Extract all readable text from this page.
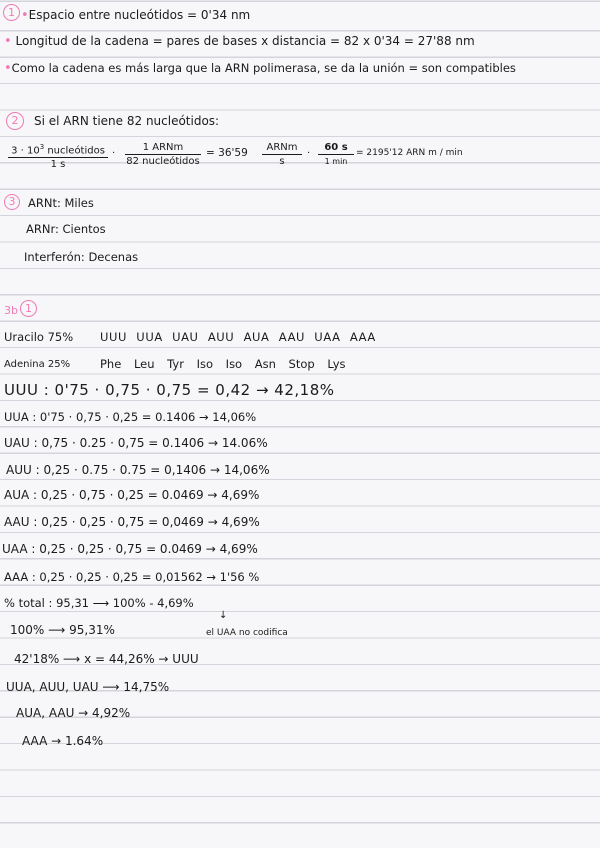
1 •Espacio entre nucleótidos = 0'34 nm
• Longitud de la cadena = pares de bases x distancia = 82 x 0'34 = 27'88 nm
•Como la cadena es más larga que la ARN polimerasa, se da la unión = son compatibles
2	Si el ARN tiene 82 nucleótidos:
$3 \cdot 10^3$ nucleótidos
1 s
·
1 ARNm
82 nucleótidos
= 36'59	ARNm
s
·
60 s
1 min
= 2195'12 ARN m / min
3	ARNt: Miles
ARNr: Cientos
Interferón: Decenas
3b 1
Uracilo 75% UUU UUA UAU AUU AUA AAU UAA AAA
Adenina 25%	Phe Leu Tyr Iso Iso Asn Stop Lys
UUU : 0'75 · 0,75 · 0,75 = 0,42 → 42,18%
UUA : 0'75 · 0,75 · 0,25 = 0.1406 → 14,06%
UAU : 0,75 · 0.25 · 0,75 = 0.1406 → 14.06%
AUU : 0,25 · 0.75 · 0.75 = 0,1406 → 14,06%
AUA : 0,25 · 0,75 · 0,25 = 0.0469 → 4,69%
AAU : 0,25 · 0,25 · 0,75 = 0,0469 → 4,69%
UAA : 0,25 · 0,25 · 0,75 = 0.0469 → 4,69%
AAA : 0,25 · 0,25 · 0,25 = 0,01562 → 1'56 %
% total : 95,31 ⟶ 100% - 4,69%
↓
100% ⟶ 95,31%	el UAA no codifica
42'18% ⟶ x = 44,26% → UUU
UUA, AUU, UAU ⟶ 14,75%
AUA, AAU → 4,92%
AAA → 1.64%
